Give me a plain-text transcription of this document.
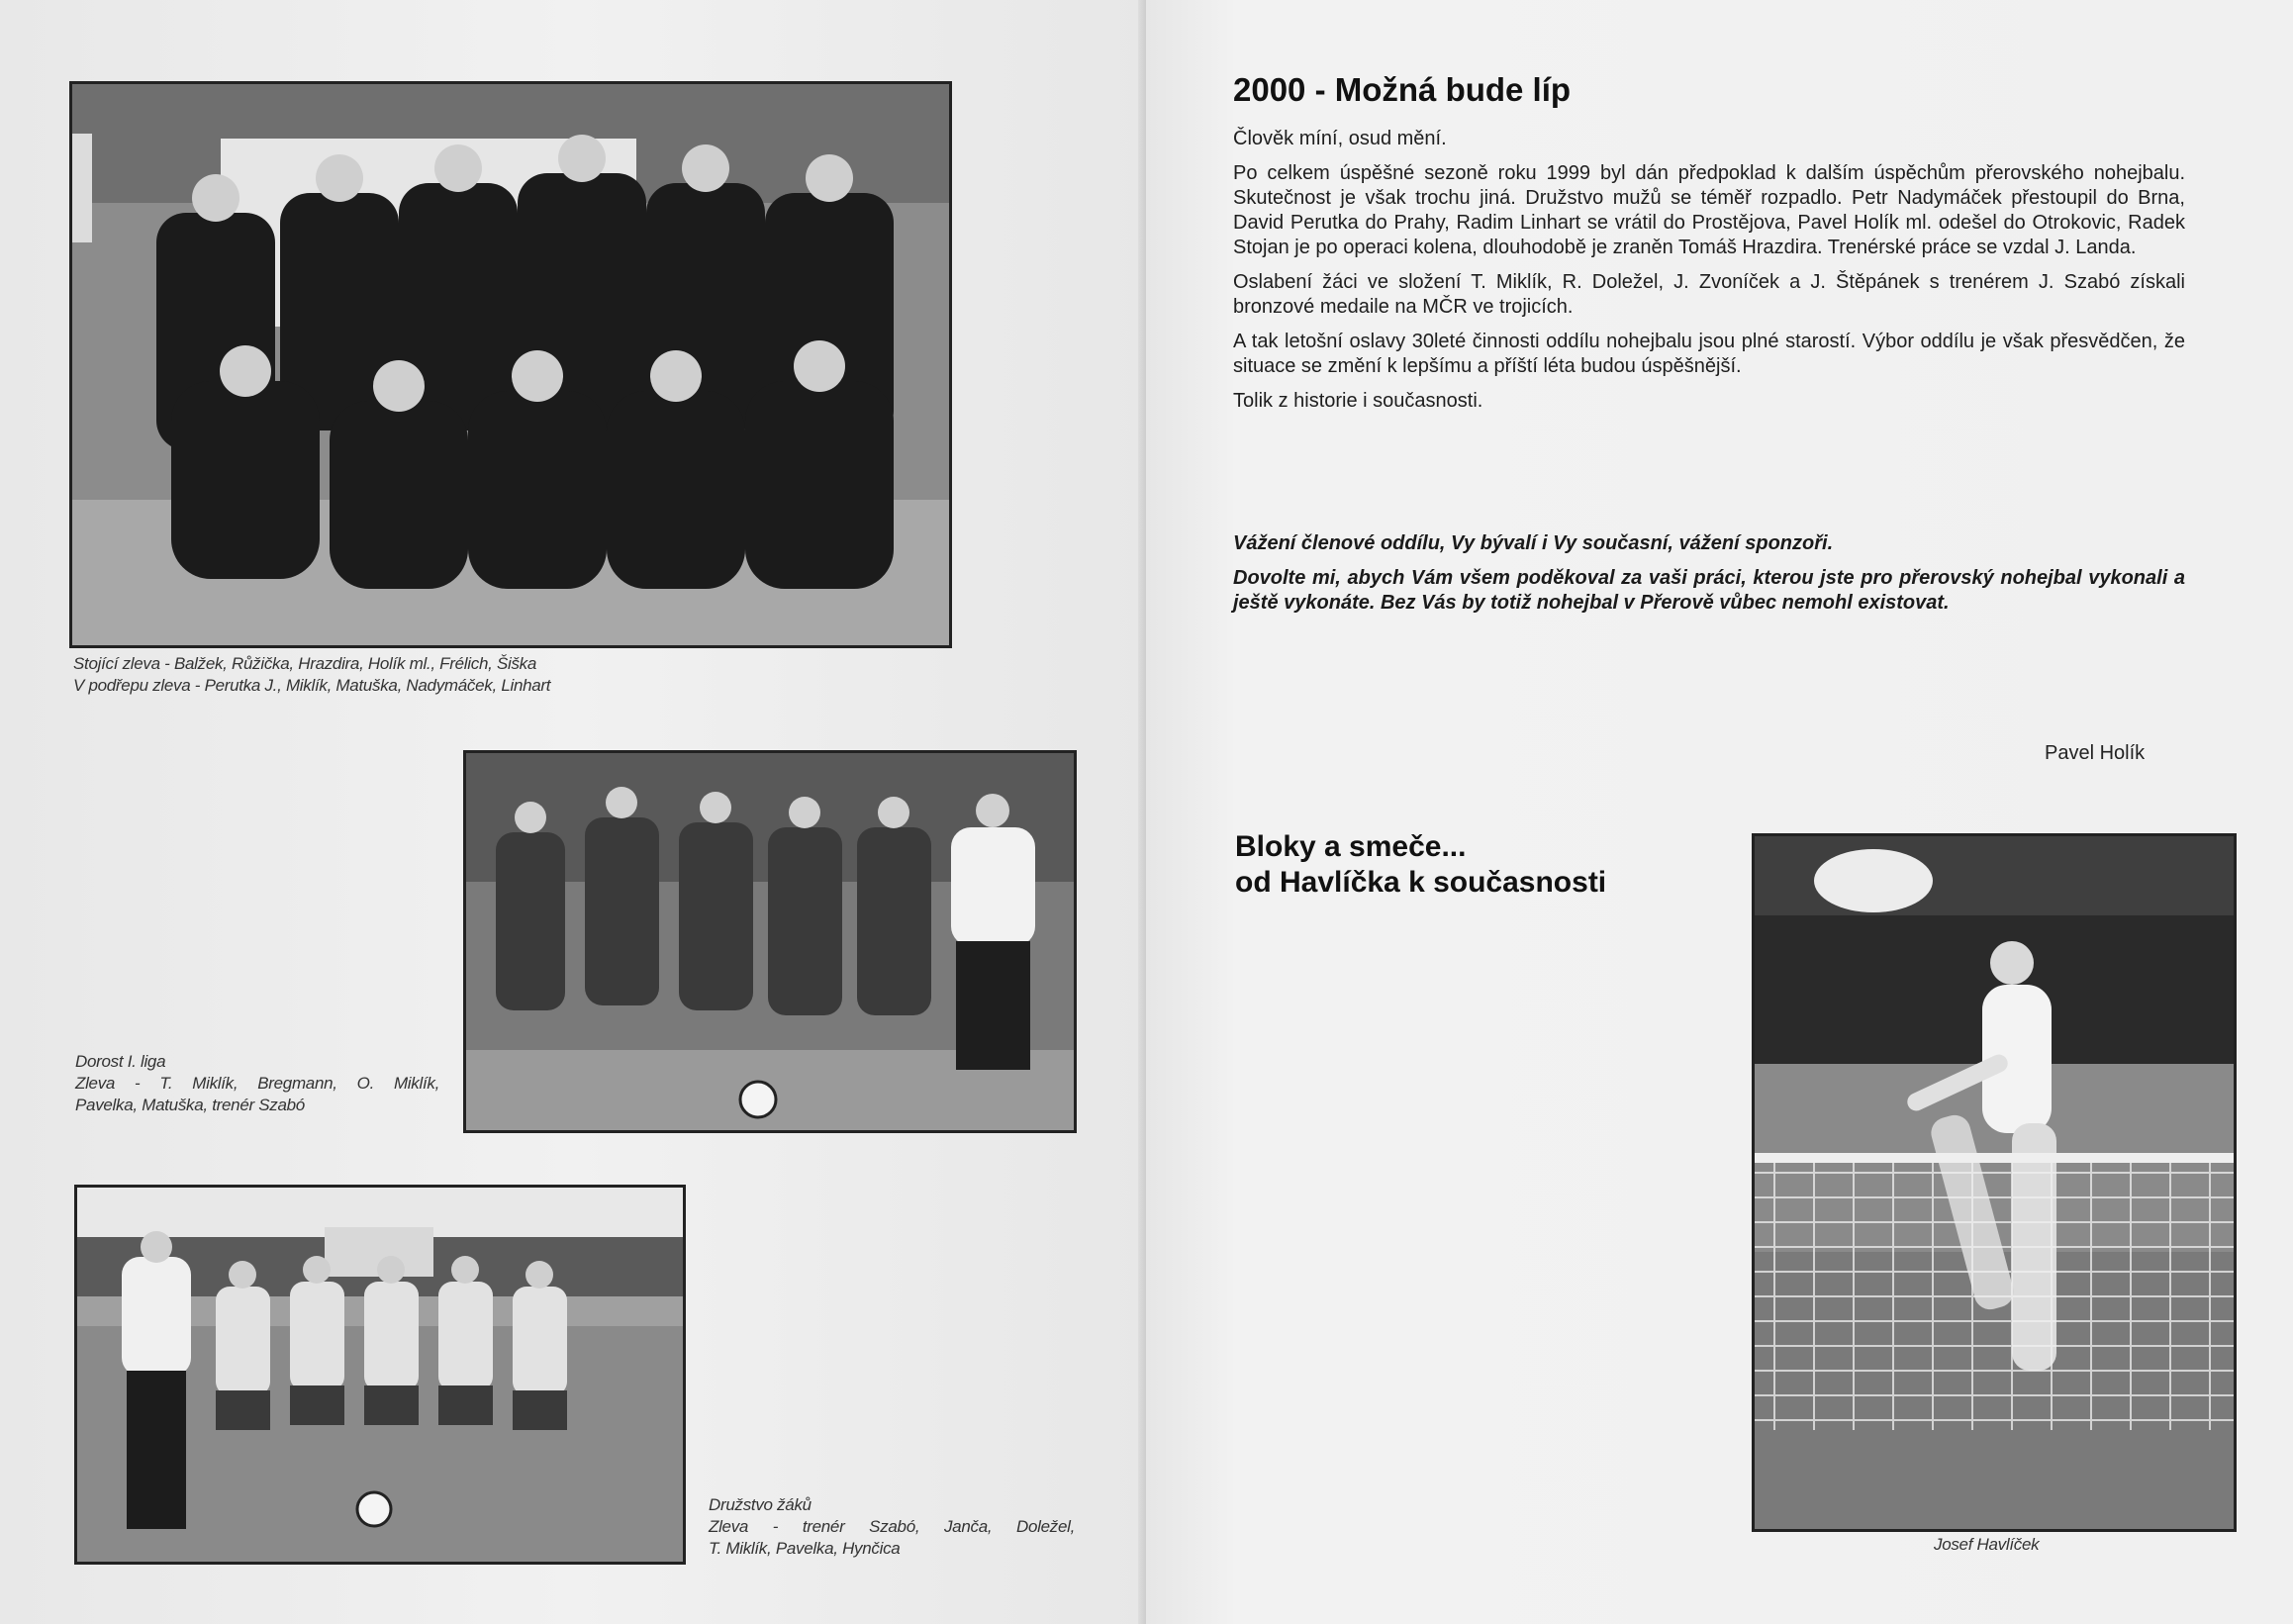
Stojící zleva - Balžek, Růžička, Hrazdira, Holík ml., Frélich, Šiška
V podřepu zleva - Perutka J., Miklík, Matuška, Nadymáček, Linhart
Dorost I. liga
Zleva - T. Miklík, Bregmann, O. Miklík,
Pavelka, Matuška, trenér Szabó
Družstvo žáků
Zleva - trenér Szabó, Janča, Doležel,
T. Miklík, Pavelka, Hynčica
2000 - Možná bude líp

Člověk míní, osud mění.

Po celkem úspěšné sezoně roku 1999 byl dán předpoklad k dalším úspěchům přerovského nohejbalu. Skutečnost je však trochu jiná. Družstvo mužů se téměř rozpadlo. Petr Nadymáček přestoupil do Brna, David Perutka do Prahy, Radim Linhart se vrátil do Prostějova, Pavel Holík ml. odešel do Otrokovic, Radek Stojan je po operaci kolena, dlouhodobě je zraněn Tomáš Hrazdira. Trenérské práce se vzdal J. Landa.

Oslabení žáci ve složení T. Miklík, R. Doležel, J. Zvoníček a J. Štěpánek s trenérem J. Szabó získali bronzové medaile na MČR ve trojicích.

A tak letošní oslavy 30leté činnosti oddílu nohejbalu jsou plné starostí. Výbor oddílu je však přesvědčen, že situace se změní k lepšímu a příští léta budou úspěšnější.

Tolik z historie i současnosti.

Vážení členové oddílu, Vy bývalí i Vy současní, vážení sponzoři.

Dovolte mi, abych Vám všem poděkoval za vaši práci, kterou jste pro přerovský nohejbal vykonali a ještě vykonáte. Bez Vás by totiž nohejbal v Přerově vůbec nemohl existovat.

Pavel Holík
Bloky a smeče...
od Havlíčka k současnosti
Josef Havlíček
